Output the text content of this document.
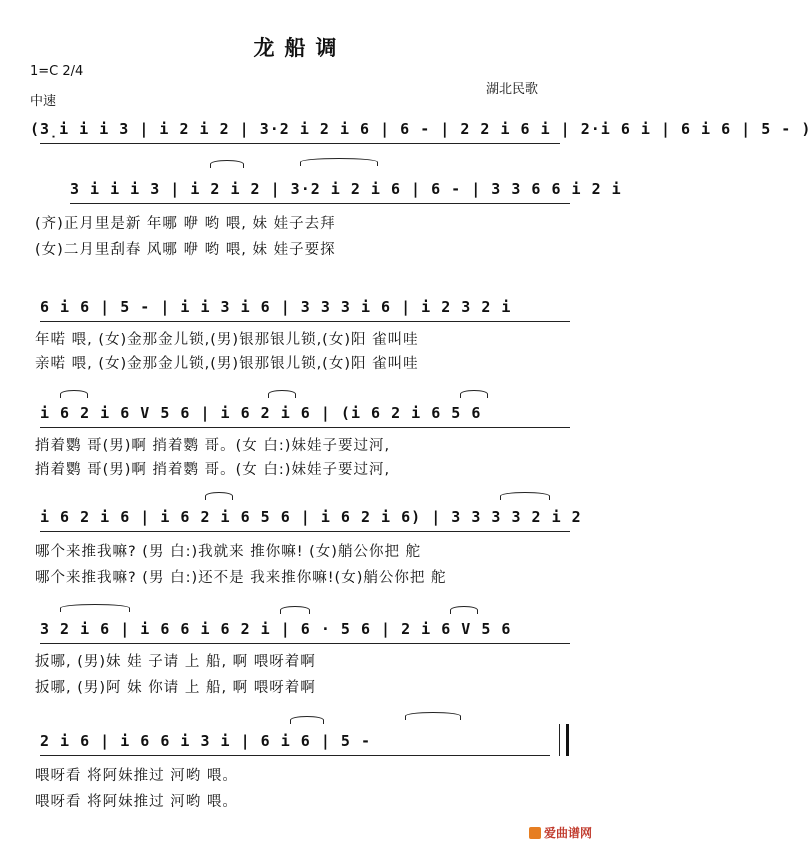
龙船调
1=C 2/4
中速
湖北民歌
(3̣i i i 3 | i 2 i 2 | 3·2 i 2 i 6 | 6 - | 2 2 i 6 i | 2·i 6 i | 6 i 6 | 5 - )
3 i i i 3 | i 2 i 2 | 3·2 i 2 i 6 | 6 - | 3 3 6 6 i 2 i
(齐)正月里是新 年哪 咿 哟 喂, 妹 娃子去拜
(女)二月里刮春 风哪 咿 哟 喂, 妹 娃子要探
6 i 6 | 5 - | i i 3 i 6 | 3 3 3 i 6 | i 2 3 2 i
年喏 喂, (女)金那金儿锁,(男)银那银儿锁,(女)阳 雀叫哇
亲喏 喂, (女)金那金儿锁,(男)银那银儿锁,(女)阳 雀叫哇
i 6 2 i 6 V 5 6 | i 6 2 i 6 | (i 6 2 i 6 5 6
捎着鹦 哥(男)啊 捎着鹦 哥。(女 白:)妹娃子要过河,
捎着鹦 哥(男)啊 捎着鹦 哥。(女 白:)妹娃子要过河,
i 6 2 i 6 | i 6 2 i 6 5 6 | i 6 2 i 6) | 3 3 3 3 2 i 2
哪个来推我嘛? (男 白:)我就来 推你嘛! (女)艄公你把 舵
哪个来推我嘛? (男 白:)还不是 我来推你嘛!(女)艄公你把 舵
3 2 i 6 | i 6 6 i 6 2 i | 6 · 5 6 | 2 i 6 V 5 6
扳哪, (男)妹 娃 子请 上 船, 啊 喂呀着啊
扳哪, (男)阿 妹 你请 上 船, 啊 喂呀着啊
2 i 6 | i 6 6 i 3 i | 6 i 6 | 5 -
喂呀看 将阿妹推过 河哟 喂。
喂呀看 将阿妹推过 河哟 喂。
爱曲谱网
